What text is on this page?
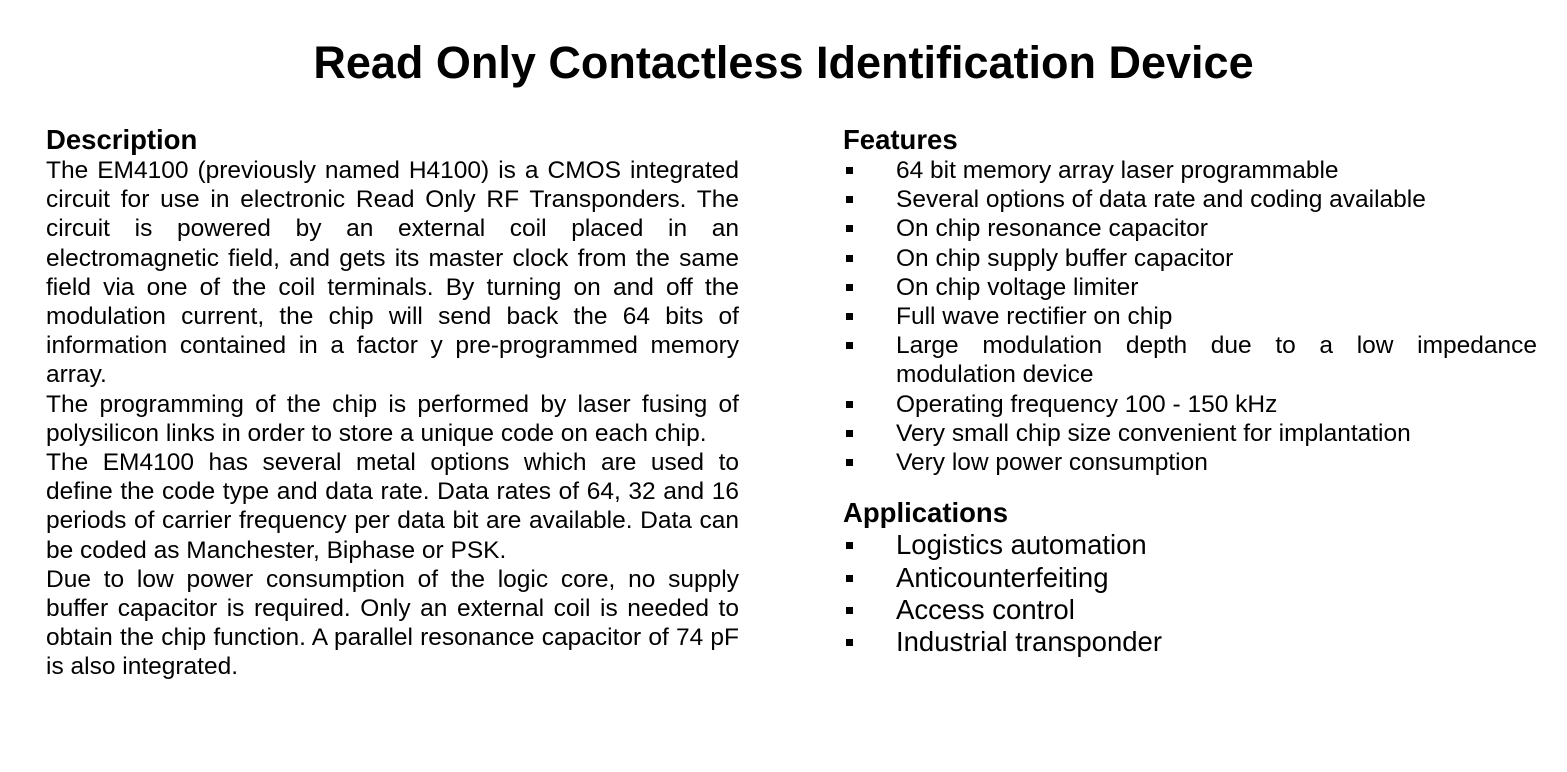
Read Only Contactless Identification Device
Description

The EM4100 (previously named H4100) is a CMOS integrated circuit for use in electronic Read Only RF Transponders. The circuit is powered by an external coil placed in an electromagnetic field, and gets its master clock from the same field via one of the coil terminals. By turning on and off the modulation current, the chip will send back the 64 bits of information contained in a factor y pre-programmed memory array.

The programming of the chip is performed by laser fusing of polysilicon links in order to store a unique code on each chip.

The EM4100 has several metal options which are used to define the code type and data rate. Data rates of 64, 32 and 16 periods of carrier frequency per data bit are available. Data can be coded as Manchester, Biphase or PSK.

Due to low power consumption of the logic core, no supply buffer capacitor is required. Only an external coil is needed to obtain the chip function. A parallel resonance capacitor of 74 pF is also integrated.

Features
64 bit memory array laser programmable
Several options of data rate and coding available
On chip resonance capacitor
On chip supply buffer capacitor
On chip voltage limiter
Full wave rectifier on chip
Large modulation depth due to a low impedance modulation device
Operating frequency 100 - 150 kHz
Very small chip size convenient for implantation
Very low power consumption
Applications
Logistics automation
Anticounterfeiting
Access control
Industrial transponder
